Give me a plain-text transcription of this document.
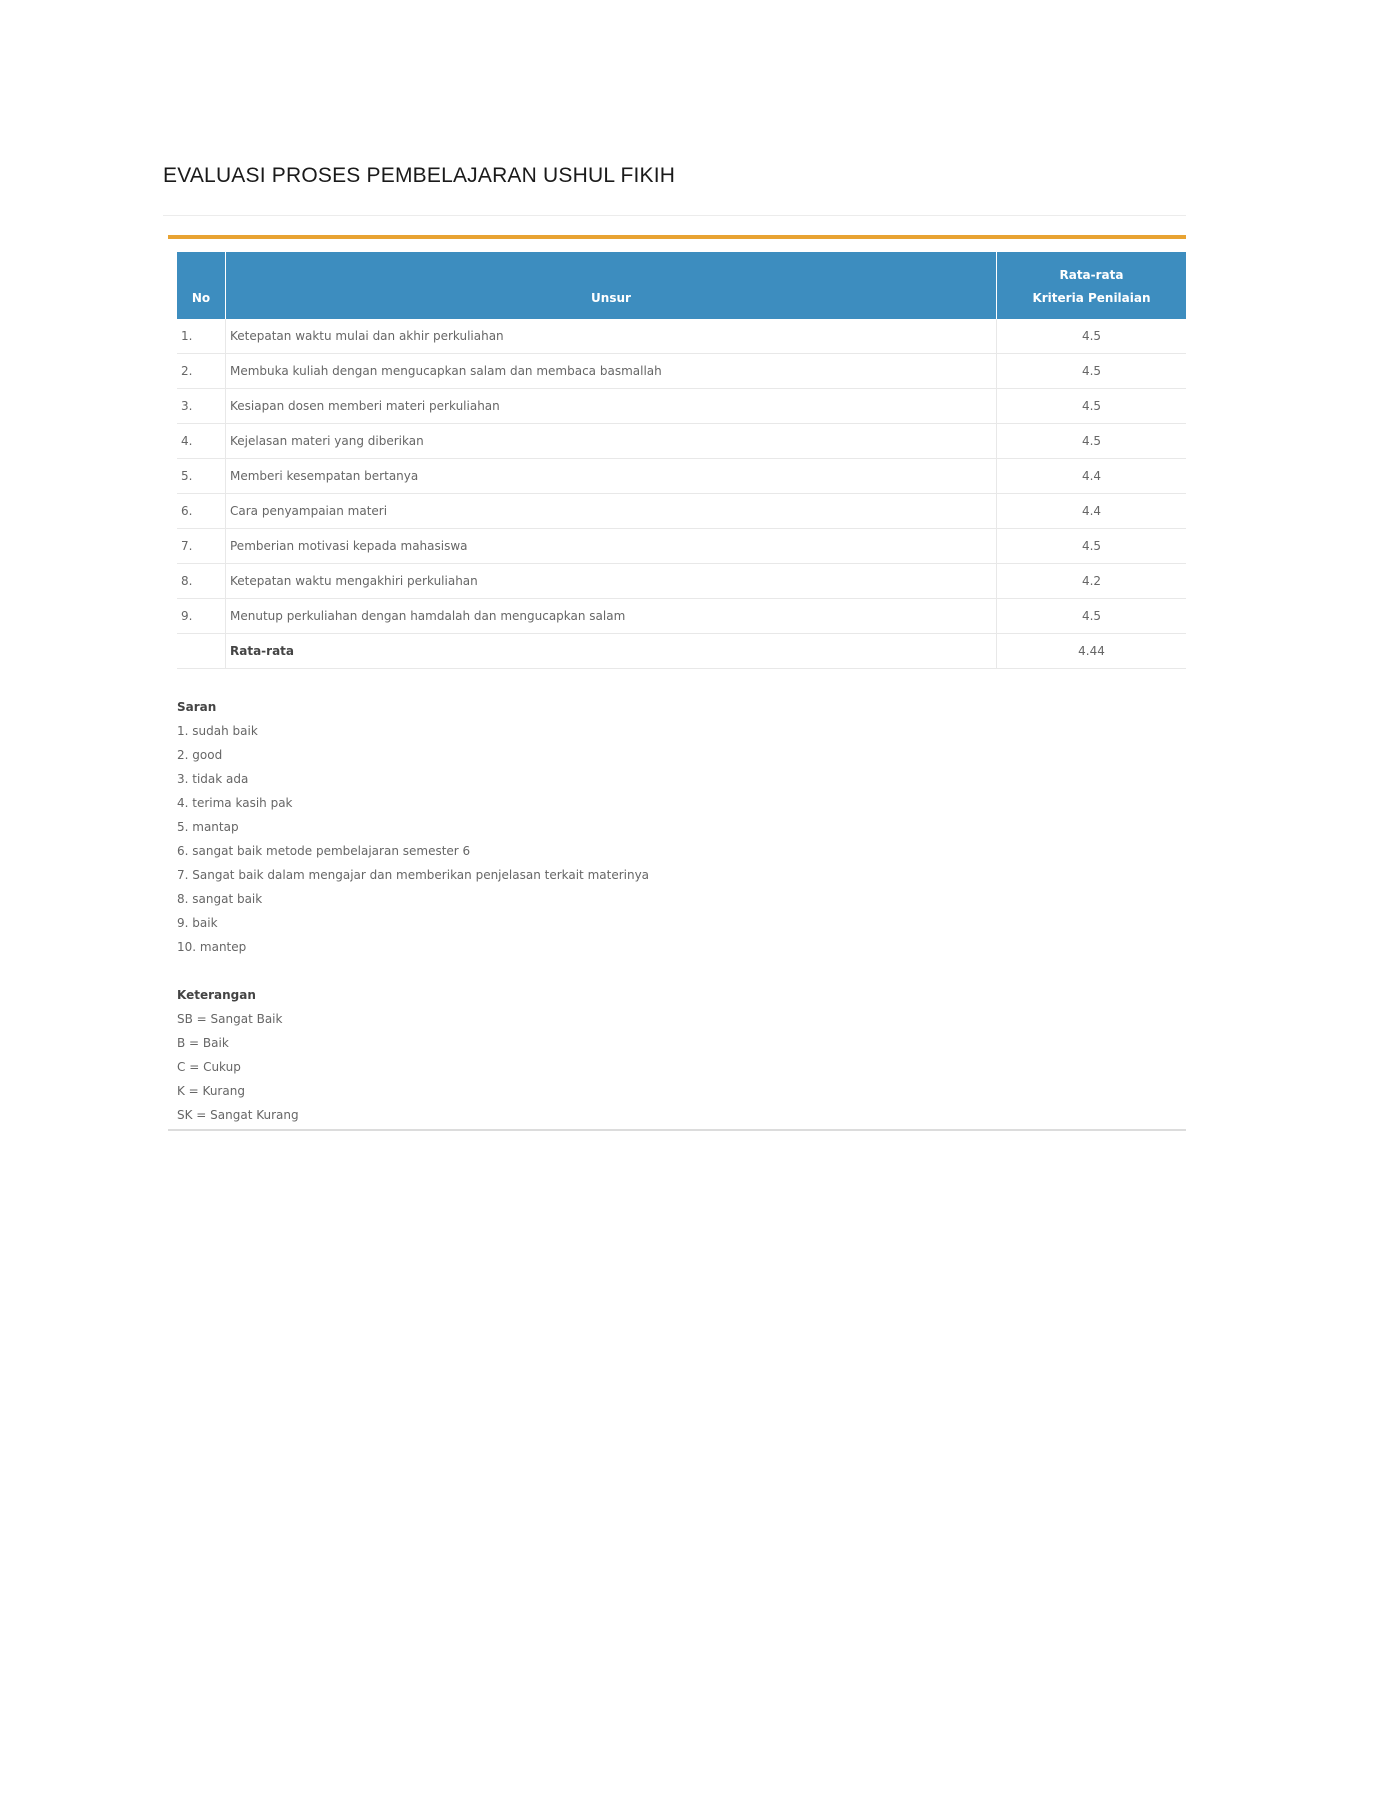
EVALUASI PROSES PEMBELAJARAN USHUL FIKIH
No	Unsur	Rata-rata
Kriteria Penilaian

1.	Ketepatan waktu mulai dan akhir perkuliahan	4.5
2.	Membuka kuliah dengan mengucapkan salam dan membaca basmallah	4.5
3.	Kesiapan dosen memberi materi perkuliahan	4.5
4.	Kejelasan materi yang diberikan	4.5
5.	Memberi kesempatan bertanya	4.4
6.	Cara penyampaian materi	4.4
7.	Pemberian motivasi kepada mahasiswa	4.5
8.	Ketepatan waktu mengakhiri perkuliahan	4.2
9.	Menutup perkuliahan dengan hamdalah dan mengucapkan salam	4.5
	Rata-rata	4.44
Saran
1. sudah baik
2. good
3. tidak ada
4. terima kasih pak
5. mantap
6. sangat baik metode pembelajaran semester 6
7. Sangat baik dalam mengajar dan memberikan penjelasan terkait materinya
8. sangat baik
9. baik
10. mantep
Keterangan
SB = Sangat Baik
B = Baik
C = Cukup
K = Kurang
SK = Sangat Kurang
